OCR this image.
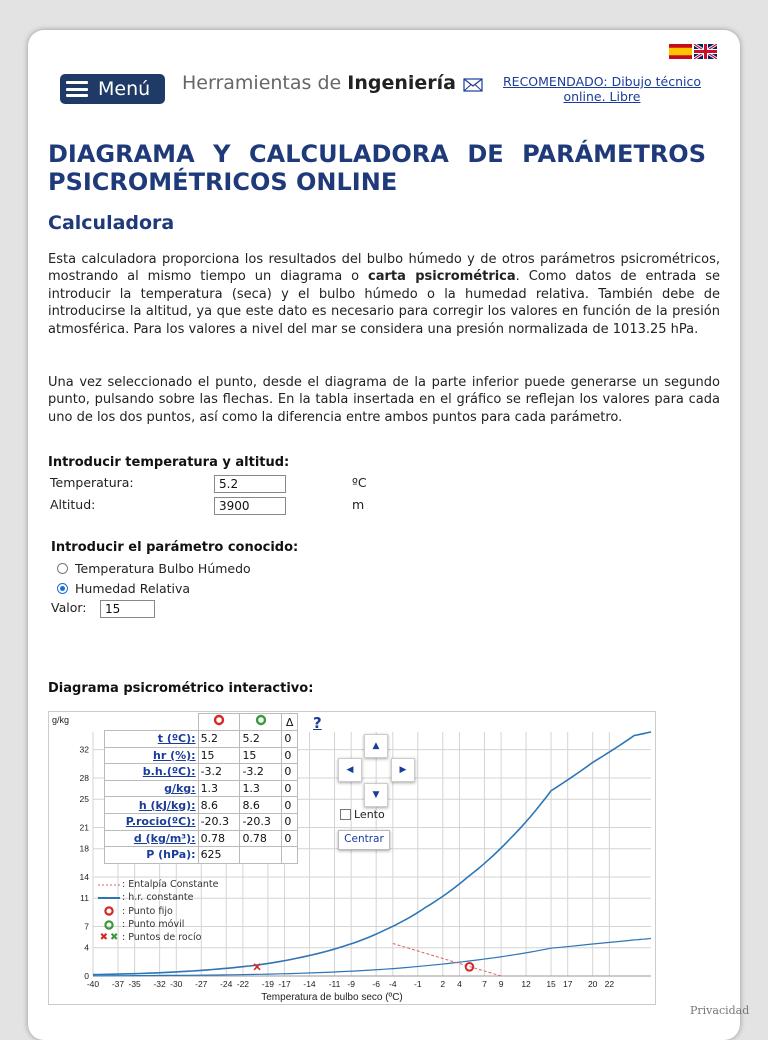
Menú Herramientas de Ingeniería	RECOMENDADO: Dibujo técnico online. Libre
DIAGRAMA Y CALCULADORA DE PARÁMETROS PSICROMÉTRICOS ONLINE
Calculadora

Esta calculadora proporciona los resultados del bulbo húmedo y de otros parámetros psicrométricos, mostrando al mismo tiempo un diagrama o carta psicrométrica. Como datos de entrada se introducir la temperatura (seca) y el bulbo húmedo o la humedad relativa. También debe de introducirse la altitud, ya que este dato es necesario para corregir los valores en función de la presión atmosférica. Para los valores a nivel del mar se considera una presión normalizada de 1013.25 hPa.

Una vez seleccionado el punto, desde el diagrama de la parte inferior puede generarse un segundo punto, pulsando sobre las flechas. En la tabla insertada en el gráfico se reflejan los valores para cada uno de los dos puntos, así como la diferencia entre ambos puntos para cada parámetro.

Introducir temperatura y altitud:
Temperatura:
5.2	ºC
Altitud:
3900	m
Introducir el parámetro conocido:
Temperatura Bulbo Húmedo
Humedad Relativa
Valor:
15
Diagrama psicrométrico interactivo:
-40 -37 -35 -32 -30 -27 -24 -22 -19 -17 -14 -11 -9 -6 -4 -1 2 4 7 9 12 15 17 20 22
0
4
7
11
14
18
21
25
28
32
g/kg
Temperatura de bulbo seco (ºC)
			Δ
t (ºC):	5.2	5.2	0
hr (%):	15	15	0
b.h.(ºC):	-3.2	-3.2	0
g/kg:	1.3	1.3	0
h (kJ/kg):	8.6	8.6	0
P.rocio(ºC):	-20.3	-20.3	0
d (kg/m³):	0.78	0.78	0
P (hPa):	625		
?
▲
◀	▶
▼
Lento
Centrar
: Entalpía Constante
: h.r. constante
: Punto fijo
: Punto móvil
✖ ✖ : Puntos de rocío
Privacidad
